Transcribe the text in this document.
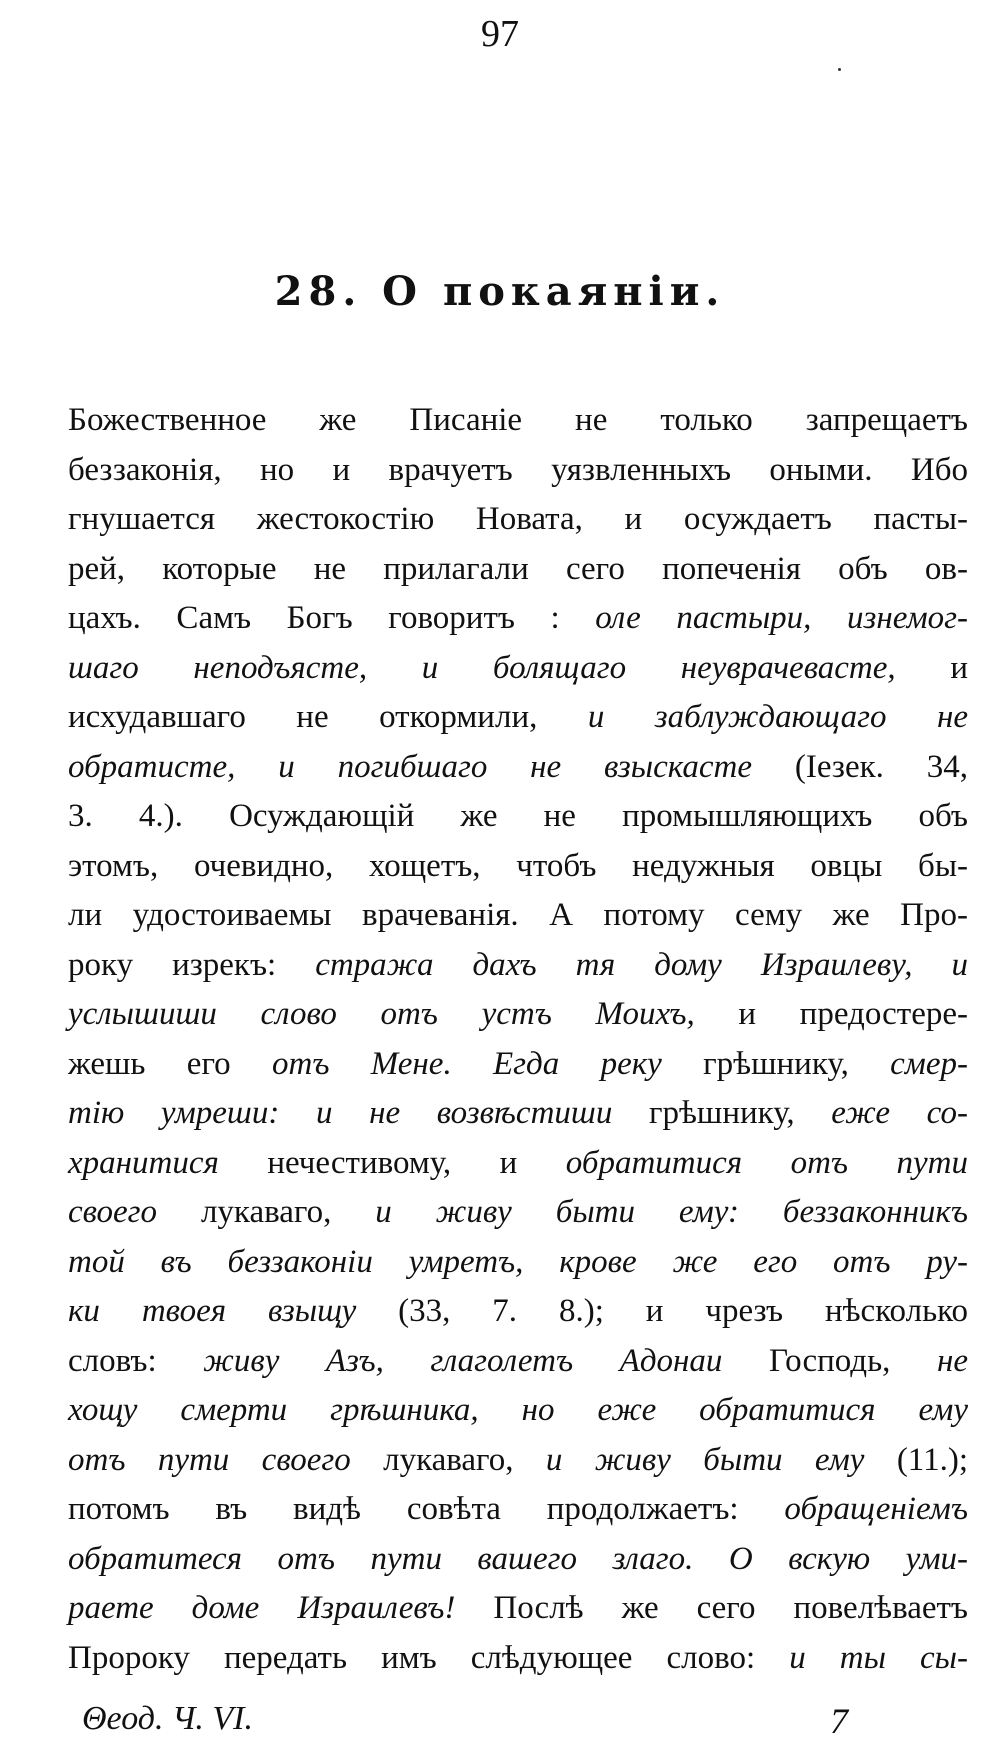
97
28. О покаянiи.
Божественное же Писанiе не только запрещаетъ
беззаконiя, но и врачуетъ уязвленныхъ оными. Ибо
гнушается жестокостiю Новата, и осуждаетъ пасты-
рей, которые не прилагали сего попеченiя объ ов-
цахъ. Самъ Богъ говоритъ : оле пастыри, изнемог-
шаго неподъясте, и болящаго неуврачевасте, и
исхудавшаго не откормили, и заблуждающаго не
обратисте, и погибшаго не взыскасте (Iезек. 34,
3. 4.). Осуждающiй же не промышляющихъ объ
этомъ, очевидно, хощетъ, чтобъ недужныя овцы бы-
ли удостоиваемы врачеванiя. А потому сему же Про-
року изрекъ: стража дахъ тя дому Израилеву, и
услышиши слово отъ устъ Моихъ, и предостере-
жешь его отъ Мене. Егда реку грѣшнику, смер-
тiю умреши: и не возвѣстиши грѣшнику, еже со-
хранитися нечестивому, и обратитися отъ пути
своего лукаваго, и живу быти ему: беззаконникъ
той въ беззаконiи умретъ, крове же его отъ ру-
ки твоея взыщу (33, 7. 8.); и чрезъ нѣсколько
словъ: живу Азъ, глаголетъ Адонаи Господь, не
хощу смерти грѣшника, но еже обратитися ему
отъ пути своего лукаваго, и живу быти ему (11.);
потомъ въ видѣ совѣта продолжаетъ: обращенiемъ
обратитеся отъ пути вашего злаго. О вскую уми-
раете доме Израилевъ! Послѣ же сего повелѣваетъ
Пророку передать имъ слѣдующее слово: и ты сы-
Θеод. Ч. VI.	7
